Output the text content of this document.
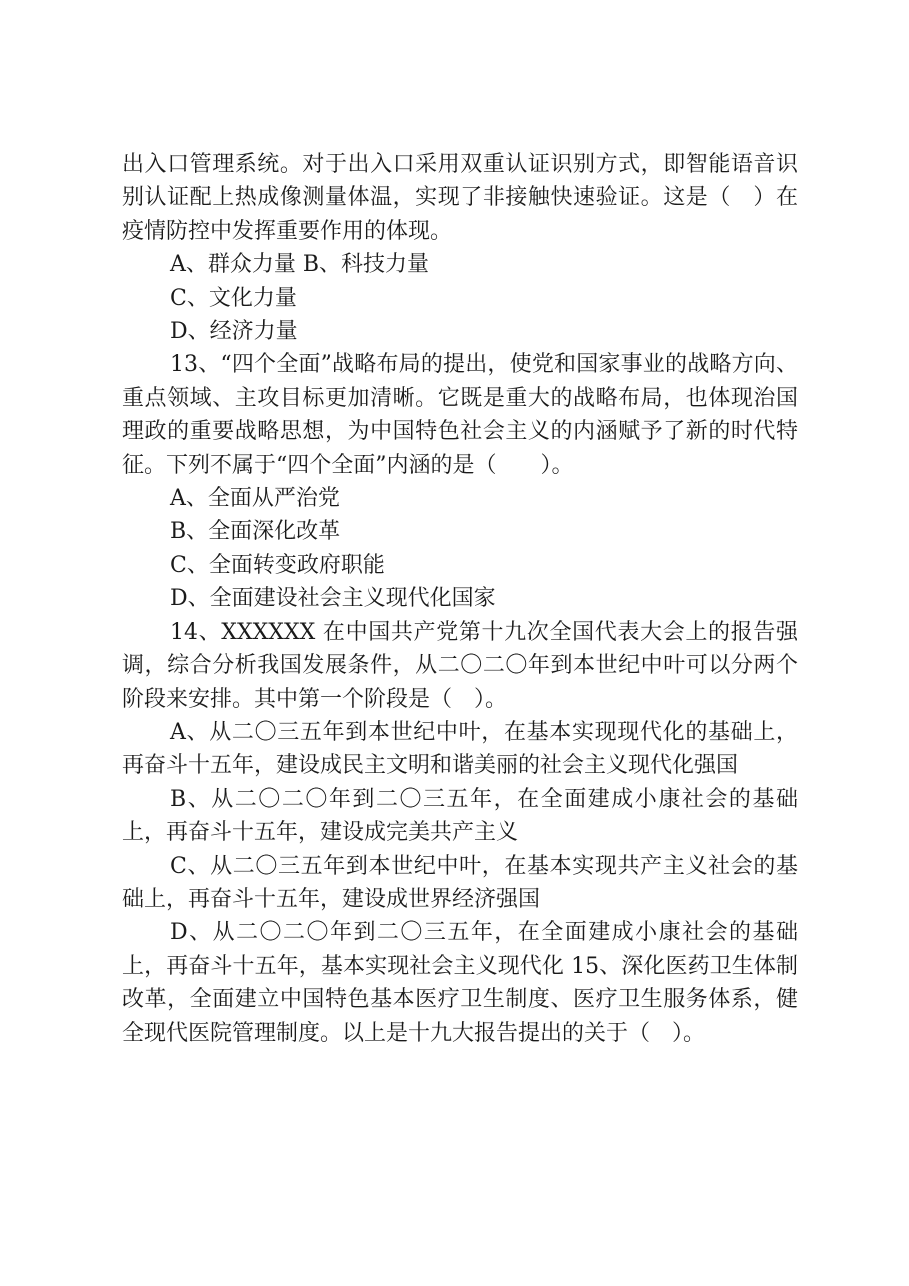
出入口管理系统。对于出入口采用双重认证识别方式，即智能语音识别认证配上热成像测量体温，实现了非接触快速验证。这是（　）在疫情防控中发挥重要作用的体现。

A、群众力量 B、科技力量

C、文化力量

D、经济力量

13、“四个全面”战略布局的提出，使党和国家事业的战略方向、重点领域、主攻目标更加清晰。它既是重大的战略布局，也体现治国理政的重要战略思想，为中国特色社会主义的内涵赋予了新的时代特征。下列不属于“四个全面”内涵的是（　　）。

A、全面从严治党

B、全面深化改革

C、全面转变政府职能

D、全面建设社会主义现代化国家

14、XXXXXX 在中国共产党第十九次全国代表大会上的报告强调，综合分析我国发展条件，从二〇二〇年到本世纪中叶可以分两个阶段来安排。其中第一个阶段是（　）。

A、从二〇三五年到本世纪中叶，在基本实现现代化的基础上，再奋斗十五年，建设成民主文明和谐美丽的社会主义现代化强国

B、从二〇二〇年到二〇三五年，在全面建成小康社会的基础上，再奋斗十五年，建设成完美共产主义

C、从二〇三五年到本世纪中叶，在基本实现共产主义社会的基础上，再奋斗十五年，建设成世界经济强国

D、从二〇二〇年到二〇三五年，在全面建成小康社会的基础上，再奋斗十五年，基本实现社会主义现代化 15、深化医药卫生体制改革，全面建立中国特色基本医疗卫生制度、医疗卫生服务体系，健全现代医院管理制度。以上是十九大报告提出的关于（　）。
